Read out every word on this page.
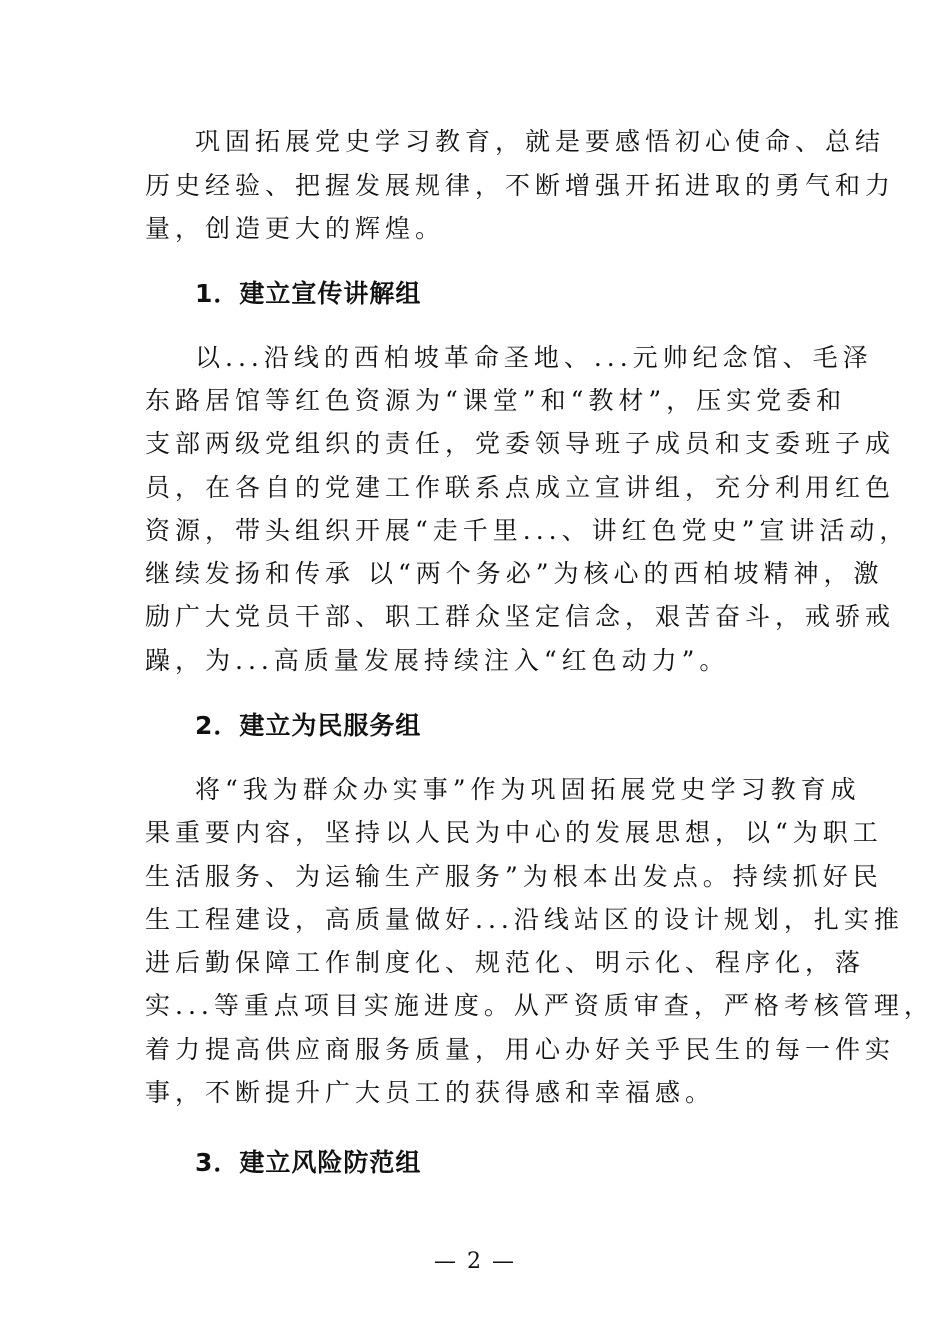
巩固拓展党史学习教育，就是要感悟初心使命、总结
历史经验、把握发展规律，不断增强开拓进取的勇气和力
量，创造更大的辉煌。
1．建立宣传讲解组
以...沿线的西柏坡革命圣地、...元帅纪念馆、毛泽
东路居馆等红色资源为“课堂”和“教材”，压实党委和
支部两级党组织的责任，党委领导班子成员和支委班子成
员，在各自的党建工作联系点成立宣讲组，充分利用红色
资源，带头组织开展“走千里...、讲红色党史”宣讲活动，
继续发扬和传承 以“两个务必”为核心的西柏坡精神，激
励广大党员干部、职工群众坚定信念，艰苦奋斗，戒骄戒
躁，为...高质量发展持续注入“红色动力”。
2．建立为民服务组
将“我为群众办实事”作为巩固拓展党史学习教育成
果重要内容，坚持以人民为中心的发展思想，以“为职工
生活服务、为运输生产服务”为根本出发点。持续抓好民
生工程建设，高质量做好...沿线站区的设计规划，扎实推
进后勤保障工作制度化、规范化、明示化、程序化，落
实...等重点项目实施进度。从严资质审查，严格考核管理，
着力提高供应商服务质量，用心办好关乎民生的每一件实
事，不断提升广大员工的获得感和幸福感。
3．建立风险防范组
— 2 —
